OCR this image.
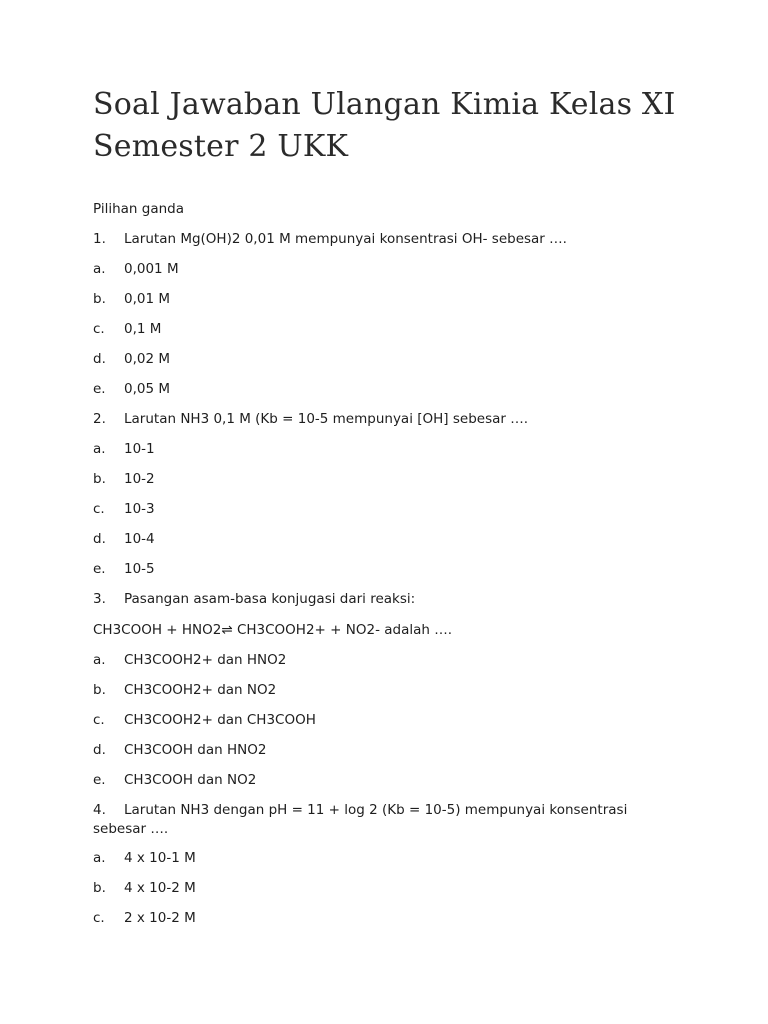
Soal Jawaban Ulangan Kimia Kelas XI Semester 2 UKK
Pilihan ganda
1. Larutan Mg(OH)2 0,01 M mempunyai konsentrasi OH- sebesar ….
a. 0,001 M
b. 0,01 M
c. 0,1 M
d. 0,02 M
e. 0,05 M
2. Larutan NH3 0,1 M (Kb = 10-5 mempunyai [OH] sebesar ….
a. 10-1
b. 10-2
c. 10-3
d. 10-4
e. 10-5
3. Pasangan asam-basa konjugasi dari reaksi:
CH3COOH + HNO2⇌ CH3COOH2+ + NO2- adalah ….
a. CH3COOH2+ dan HNO2
b. CH3COOH2+ dan NO2
c. CH3COOH2+ dan CH3COOH
d. CH3COOH dan HNO2
e. CH3COOH dan NO2
4. Larutan NH3 dengan pH = 11 + log 2 (Kb = 10-5) mempunyai konsentrasi sebesar ….
a. 4 x 10-1 M
b. 4 x 10-2 M
c. 2 x 10-2 M
